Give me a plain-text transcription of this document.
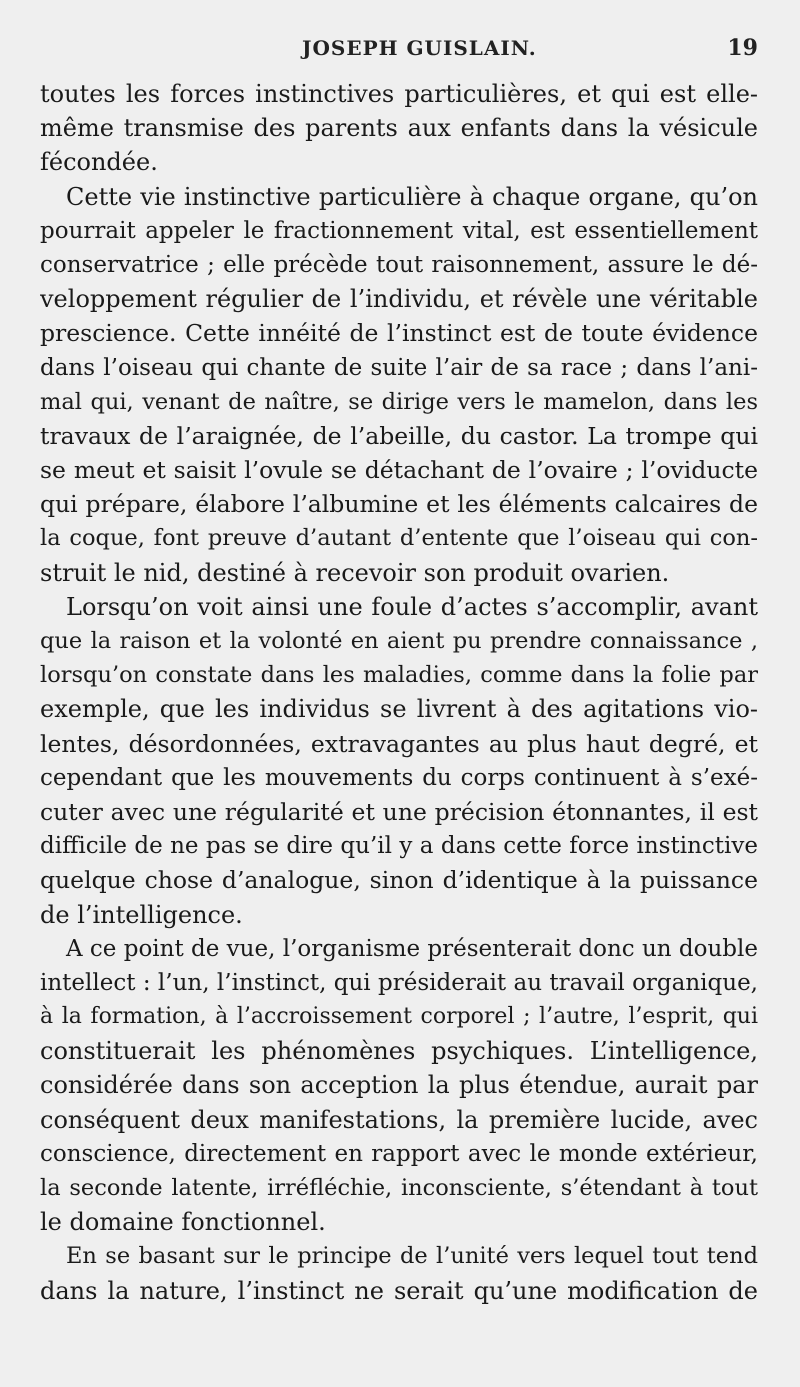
JOSEPH GUISLAIN.	19
toutes les forces instinctives particulières, et qui est elle-
même transmise des parents aux enfants dans la vésicule
fécondée.
Cette vie instinctive particulière à chaque organe, qu’on
pourrait appeler le fractionnement vital, est essentiellement
conservatrice ; elle précède tout raisonnement, assure le dé-
veloppement régulier de l’individu, et révèle une véritable
prescience. Cette innéité de l’instinct est de toute évidence
dans l’oiseau qui chante de suite l’air de sa race ; dans l’ani-
mal qui, venant de naître, se dirige vers le mamelon, dans les
travaux de l’araignée, de l’abeille, du castor. La trompe qui
se meut et saisit l’ovule se détachant de l’ovaire ; l’oviducte
qui prépare, élabore l’albumine et les éléments calcaires de
la coque, font preuve d’autant d’entente que l’oiseau qui con-
struit le nid, destiné à recevoir son produit ovarien.
Lorsqu’on voit ainsi une foule d’actes s’accomplir, avant
que la raison et la volonté en aient pu prendre connaissance ,
lorsqu’on constate dans les maladies, comme dans la folie par
exemple, que les individus se livrent à des agitations vio-
lentes, désordonnées, extravagantes au plus haut degré, et
cependant que les mouvements du corps continuent à s’exé-
cuter avec une régularité et une précision étonnantes, il est
difficile de ne pas se dire qu’il y a dans cette force instinctive
quelque chose d’analogue, sinon d’identique à la puissance
de l’intelligence.
A ce point de vue, l’organisme présenterait donc un double
intellect : l’un, l’instinct, qui présiderait au travail organique,
à la formation, à l’accroissement corporel ; l’autre, l’esprit, qui
constituerait les phénomènes psychiques. L’intelligence,
considérée dans son acception la plus étendue, aurait par
conséquent deux manifestations, la première lucide, avec
conscience, directement en rapport avec le monde extérieur,
la seconde latente, irréfléchie, inconsciente, s’étendant à tout
le domaine fonctionnel.
En se basant sur le principe de l’unité vers lequel tout tend
dans la nature, l’instinct ne serait qu’une modification de
